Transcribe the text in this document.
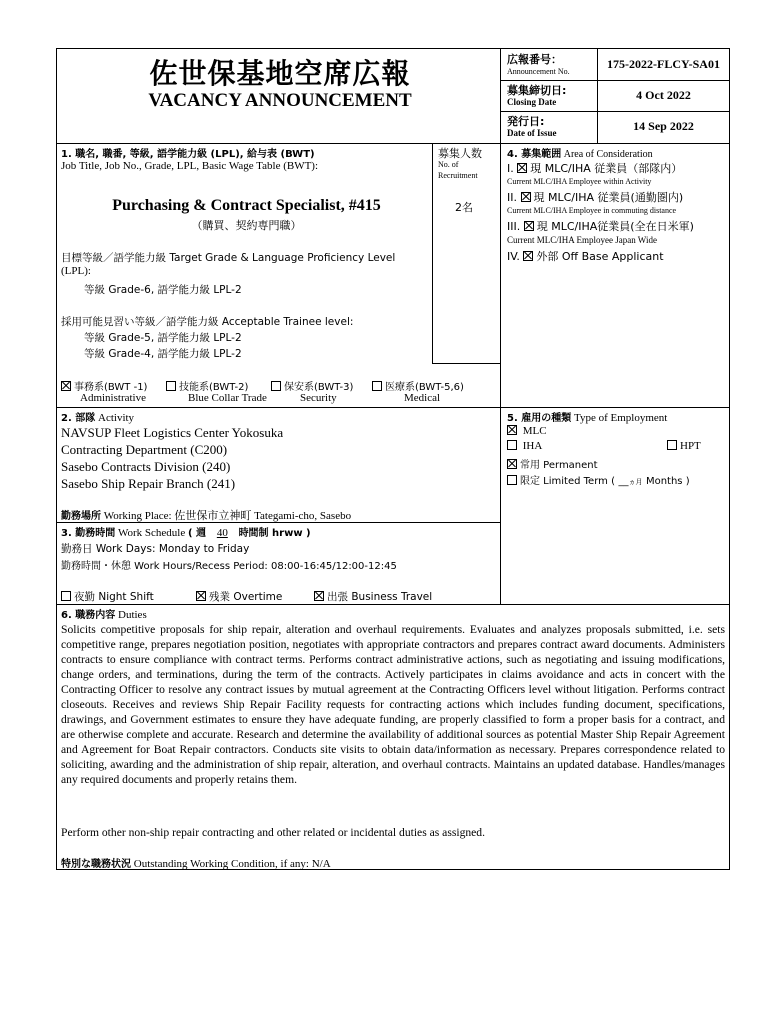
佐世保基地空席広報
VACANCY ANNOUNCEMENT
広報番号：
Announcement No.
175-2022-FLCY-SA01
募集締切日:
Closing Date	4 Oct 2022
発行日:
Date of Issue	14 Sep 2022
1. 職名, 職番, 等級, 語学能力級 (LPL), 給与表 (BWT)
Job Title, Job No., Grade, LPL, Basic Wage Table (BWT):
Purchasing & Contract Specialist, #415
（購買、契約専門職）
募集人数
No. of
Recruitment
2名
目標等級／語学能力級 Target Grade & Language Proficiency Level
(LPL):
等級 Grade-6, 語学能力級 LPL-2
採用可能見習い等級／語学能力級 Acceptable Trainee level:
等級 Grade-5, 語学能力級 LPL-2
等級 Grade-4, 語学能力級 LPL-2
事務系(BWT -1)	技能系(BWT-2)	保安系(BWT-3)	医療系(BWT-5,6)
Administrative	Blue Collar Trade	Security	Medical
4. 募集範囲 Area of Consideration
I. 現 MLC/IHA 従業員（部隊内）
Current MLC/IHA Employee within Activity
II. 現 MLC/IHA 従業員(通勤圏内)
Current MLC/IHA Employee in commuting distance
III. 現 MLC/IHA従業員(全在日米軍)
Current MLC/IHA Employee Japan Wide
IV. 外部 Off Base Applicant
2. 部隊 Activity
NAVSUP Fleet Logistics Center Yokosuka
Contracting Department (C200)
Sasebo Contracts Division (240)
Sasebo Ship Repair Branch (241)
勤務場所 Working Place: 佐世保市立神町 Tategami-cho, Sasebo
5. 雇用の種類 Type of Employment
MLC
IHA	HPT
常用 Permanent
限定 Limited Term ( __ヵ月 Months )
3. 勤務時間 Work Schedule ( 週 40 時間制 hrww )
勤務日 Work Days: Monday to Friday
勤務時間・休憩 Work Hours/Recess Period: 08:00-16:45/12:00-12:45
夜勤 Night Shift	残業 Overtime	出張 Business Travel
6. 職務内容 Duties
Solicits competitive proposals for ship repair, alteration and overhaul requirements. Evaluates and analyzes proposals submitted, i.e. sets competitive range, prepares negotiation position, negotiates with appropriate contractors and prepares contract award documents. Administers contracts to ensure compliance with contract terms. Performs contract administrative actions, such as negotiating and issuing modifications, change orders, and terminations, during the term of the contracts. Actively participates in claims avoidance and acts in concert with the Contracting Officer to resolve any contract issues by mutual agreement at the Contracting Officers level without litigation. Performs contract closeouts. Receives and reviews Ship Repair Facility requests for contracting actions which includes funding document, specifications, drawings, and Government estimates to ensure they have adequate funding, are properly classified to form a proper basis for a contract, and are otherwise complete and accurate. Research and determine the availability of additional sources as potential Master Ship Repair Agreement and Agreement for Boat Repair contractors. Conducts site visits to obtain data/information as necessary. Prepares correspondence related to soliciting, awarding and the administration of ship repair, alteration, and overhaul contracts. Maintains an updated database. Handles/manages any required documents and properly retains them.
Perform other non-ship repair contracting and other related or incidental duties as assigned.
特別な職務状況 Outstanding Working Condition, if any: N/A
